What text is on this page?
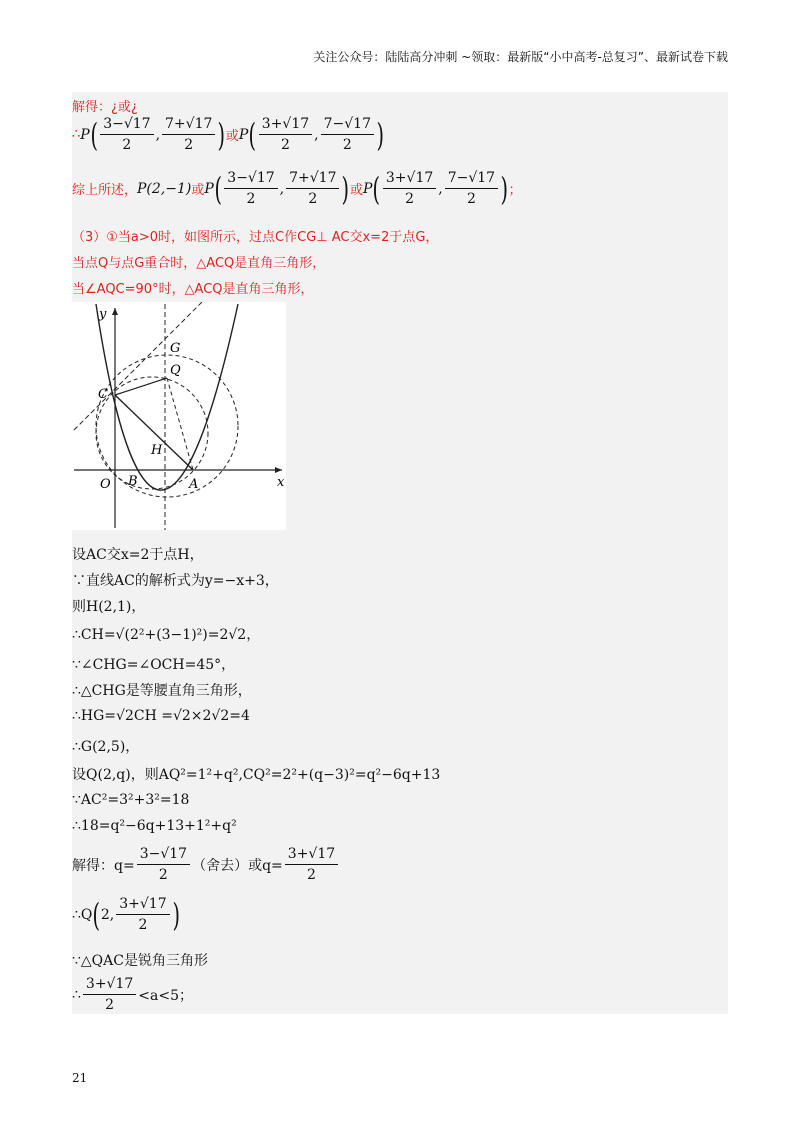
关注公众号：陆陆高分冲刺 ~领取：最新版“小中高考-总复习”、最新试卷下载
解得：¿或¿
∴ P ( $\frac{3-√17}{2}$ , $\frac{7+√17}{2}$ ) 或 P ( $\frac{3+√17}{2}$ , $\frac{7-√17}{2}$ )
综上所述， P(2,−1) 或 P ( $\frac{3-√17}{2}$ , $\frac{7+√17}{2}$ ) 或 P ( $\frac{3+√17}{2}$ , $\frac{7-√17}{2}$ ) ；
（3）①当a>0时，如图所示，过点C作CG⊥ AC交x=2于点G，
当点Q与点G重合时，△ACQ是直角三角形，
当∠AQC=90°时，△ACQ是直角三角形，
y
x
O B	A
C
G
Q
H
设AC交x=2于点H，
∵直线AC的解析式为y=−x+3，
则H(2,1)，
∴CH=√(2²+(3−1)²)=2√2，
∵∠CHG=∠OCH=45°，
∴△CHG是等腰直角三角形，
∴HG=√2CH =√2×2√2=4
∴G(2,5)，
设Q(2,q)，则AQ²=1²+q²,CQ²=2²+(q−3)²=q²−6q+13
∵AC²=3²+3²=18
∴18=q²−6q+13+1²+q²
解得：$q= \frac{3-√17}{2}$ （舍去）或$q= \frac{3+√17}{2}$
∴Q ( 2, $\frac{3+√17}{2}$ )
∵△QAC是锐角三角形
∴ $\frac{3+√17}{2} <a<5$；
21
